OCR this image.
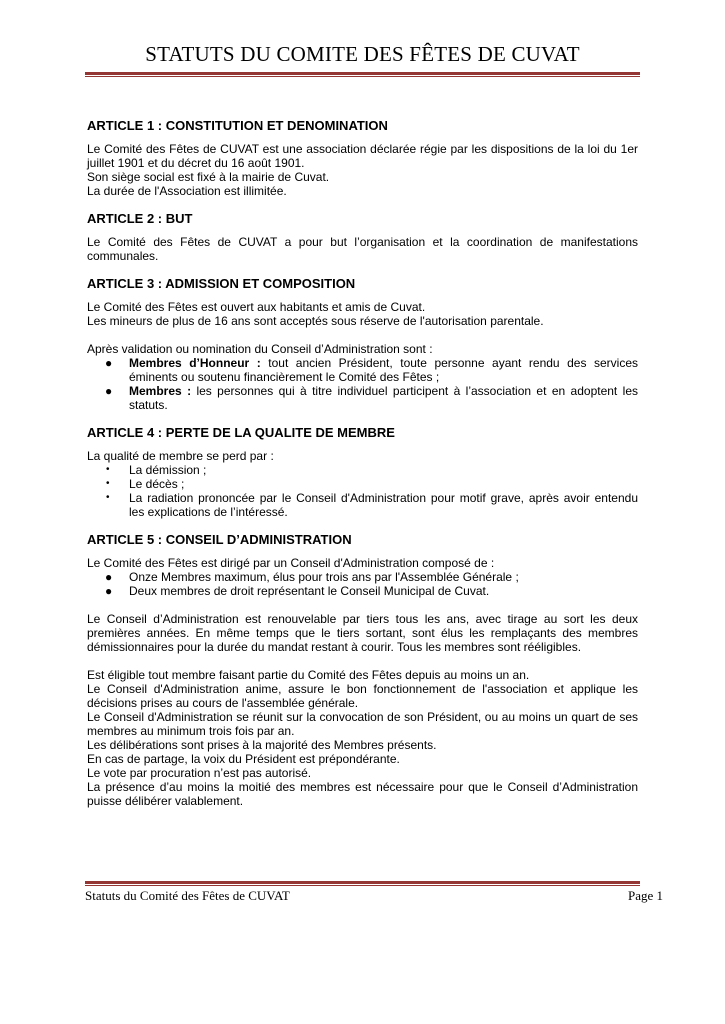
STATUTS DU COMITE DES FÊTES DE CUVAT
ARTICLE 1 : CONSTITUTION ET DENOMINATION

Le Comité des Fêtes de CUVAT est une association déclarée régie par les dispositions de la loi du 1er juillet 1901 et du décret du 16 août 1901.

Son siège social est fixé à la mairie de Cuvat.

La durée de l'Association est illimitée.

ARTICLE 2 : BUT

Le Comité des Fêtes de CUVAT a pour but l’organisation et la coordination de manifestations communales.

ARTICLE 3 : ADMISSION ET COMPOSITION

Le Comité des Fêtes est ouvert aux habitants et amis de Cuvat.

Les mineurs de plus de 16 ans sont acceptés sous réserve de l'autorisation parentale.

Après validation ou nomination du Conseil d’Administration sont :

● Membres d’Honneur : tout ancien Président, toute personne ayant rendu des services éminents ou soutenu financièrement le Comité des Fêtes ;
● Membres : les personnes qui à titre individuel participent à l’association et en adoptent les statuts.
ARTICLE 4 : PERTE DE LA QUALITE DE MEMBRE

La qualité de membre se perd par :

• La démission ;
• Le décès ;
• La radiation prononcée par le Conseil d'Administration pour motif grave, après avoir entendu les explications de l’intéressé.
ARTICLE 5 : CONSEIL D’ADMINISTRATION

Le Comité des Fêtes est dirigé par un Conseil d'Administration composé de :

● Onze Membres maximum, élus pour trois ans par l'Assemblée Générale ;
● Deux membres de droit représentant le Conseil Municipal de Cuvat.

Le Conseil d’Administration est renouvelable par tiers tous les ans, avec tirage au sort les deux premières années. En même temps que le tiers sortant, sont élus les remplaçants des membres démissionnaires pour la durée du mandat restant à courir. Tous les membres sont rééligibles.

Est éligible tout membre faisant partie du Comité des Fêtes depuis au moins un an.

Le Conseil d'Administration anime, assure le bon fonctionnement de l'association et applique les décisions prises au cours de l'assemblée générale.

Le Conseil d'Administration se réunit sur la convocation de son Président, ou au moins un quart de ses membres au minimum trois fois par an.

Les délibérations sont prises à la majorité des Membres présents.

En cas de partage, la voix du Président est prépondérante.

Le vote par procuration n’est pas autorisé.

La présence d’au moins la moitié des membres est nécessaire pour que le Conseil d’Administration puisse délibérer valablement.

Statuts du Comité des Fêtes de CUVAT	Page 1
